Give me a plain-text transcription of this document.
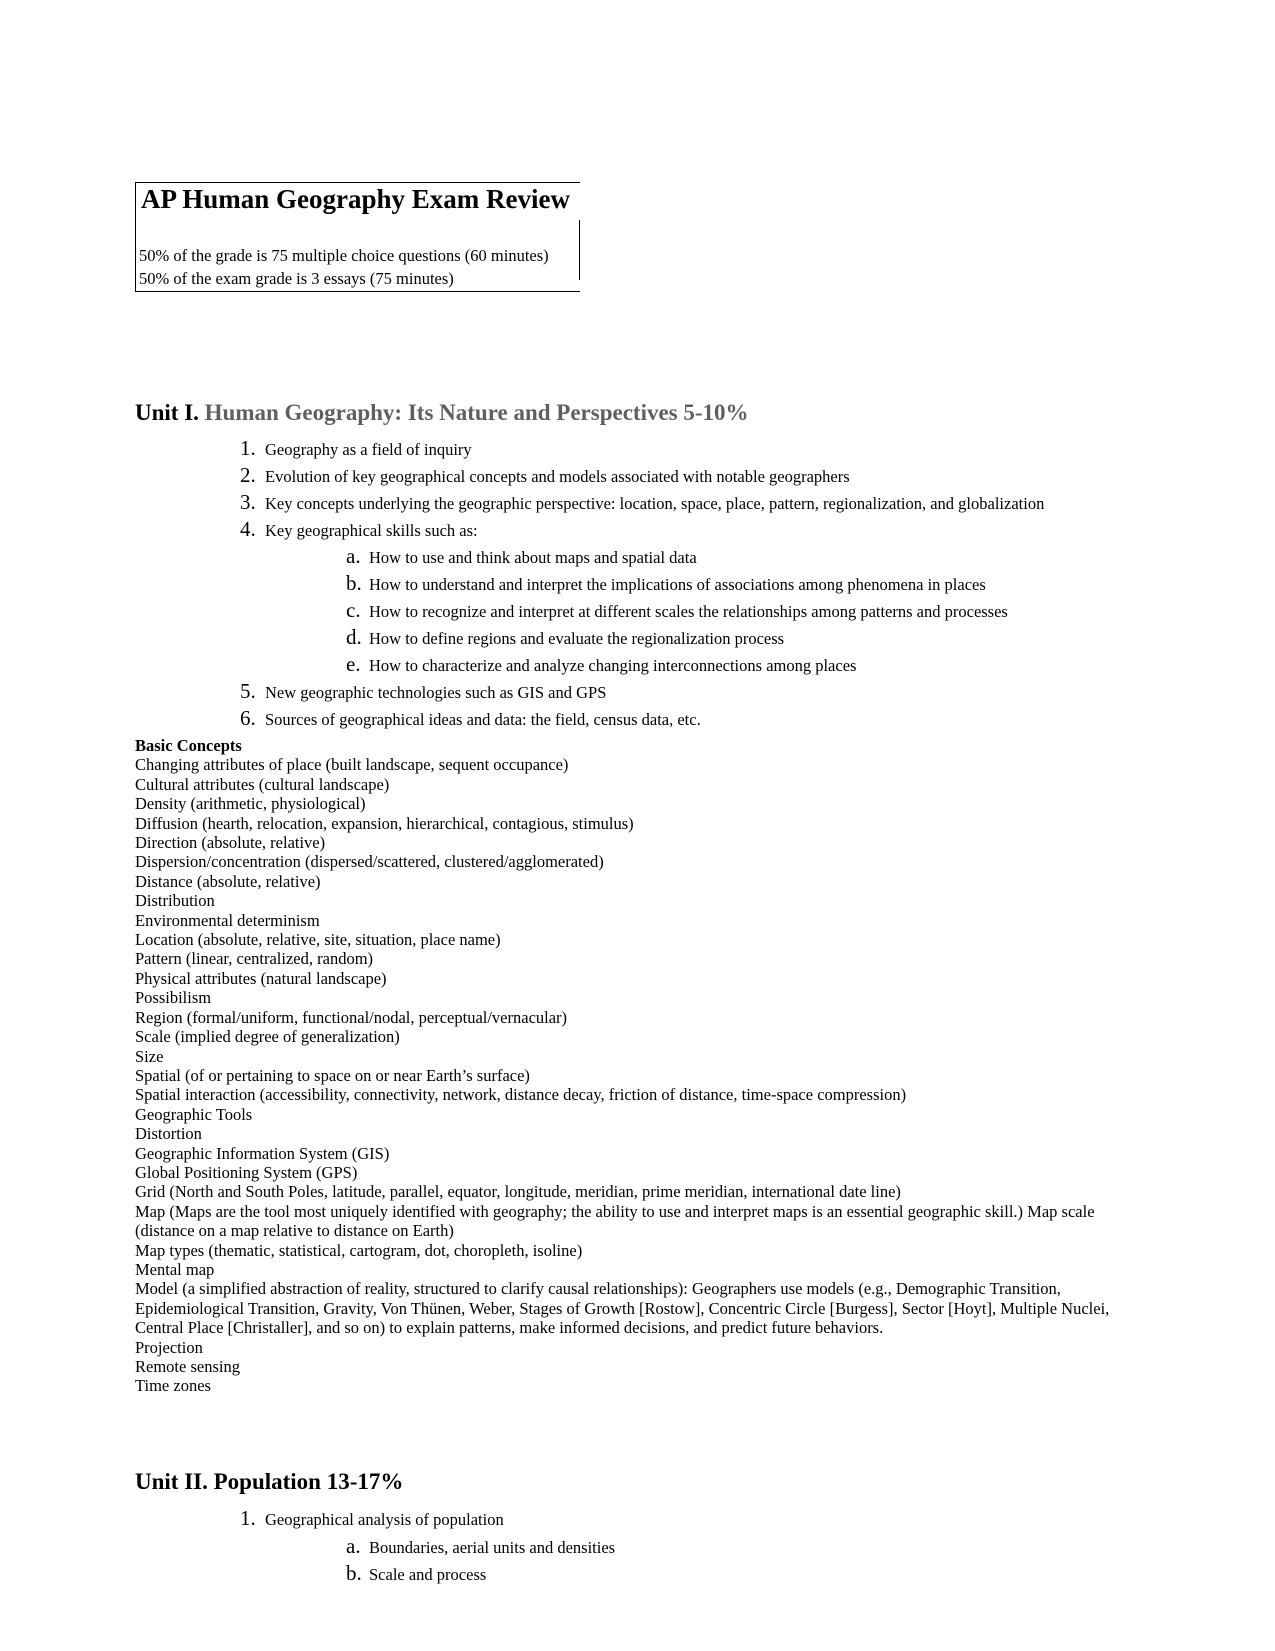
AP Human Geography Exam Review
50% of the grade is 75 multiple choice questions (60 minutes)
50% of the exam grade is 3 essays (75 minutes)
Unit I. Human Geography: Its Nature and Perspectives 5-10%
1. Geography as a field of inquiry
2. Evolution of key geographical concepts and models associated with notable geographers
3. Key concepts underlying the geographic perspective: location, space, place, pattern, regionalization, and globalization
4. Key geographical skills such as:
a. How to use and think about maps and spatial data
b. How to understand and interpret the implications of associations among phenomena in places
c. How to recognize and interpret at different scales the relationships among patterns and processes
d. How to define regions and evaluate the regionalization process
e. How to characterize and analyze changing interconnections among places
5. New geographic technologies such as GIS and GPS
6. Sources of geographical ideas and data: the field, census data, etc.
Basic Concepts
Changing attributes of place (built landscape, sequent occupance)
Cultural attributes (cultural landscape)
Density (arithmetic, physiological)
Diffusion (hearth, relocation, expansion, hierarchical, contagious, stimulus)
Direction (absolute, relative)
Dispersion/concentration (dispersed/scattered, clustered/agglomerated)
Distance (absolute, relative)
Distribution
Environmental determinism
Location (absolute, relative, site, situation, place name)
Pattern (linear, centralized, random)
Physical attributes (natural landscape)
Possibilism
Region (formal/uniform, functional/nodal, perceptual/vernacular)
Scale (implied degree of generalization)
Size
Spatial (of or pertaining to space on or near Earth’s surface)
Spatial interaction (accessibility, connectivity, network, distance decay, friction of distance, time-space compression)
Geographic Tools
Distortion
Geographic Information System (GIS)
Global Positioning System (GPS)
Grid (North and South Poles, latitude, parallel, equator, longitude, meridian, prime meridian, international date line)
Map (Maps are the tool most uniquely identified with geography; the ability to use and interpret maps is an essential geographic skill.) Map scale (distance on a map relative to distance on Earth)
Map types (thematic, statistical, cartogram, dot, choropleth, isoline)
Mental map
Model (a simplified abstraction of reality, structured to clarify causal relationships): Geographers use models (e.g., Demographic Transition, Epidemiological Transition, Gravity, Von Thünen, Weber, Stages of Growth [Rostow], Concentric Circle [Burgess], Sector [Hoyt], Multiple Nuclei, Central Place [Christaller], and so on) to explain patterns, make informed decisions, and predict future behaviors.
Projection
Remote sensing
Time zones
Unit II. Population 13-17%
1. Geographical analysis of population
a. Boundaries, aerial units and densities
b. Scale and process
